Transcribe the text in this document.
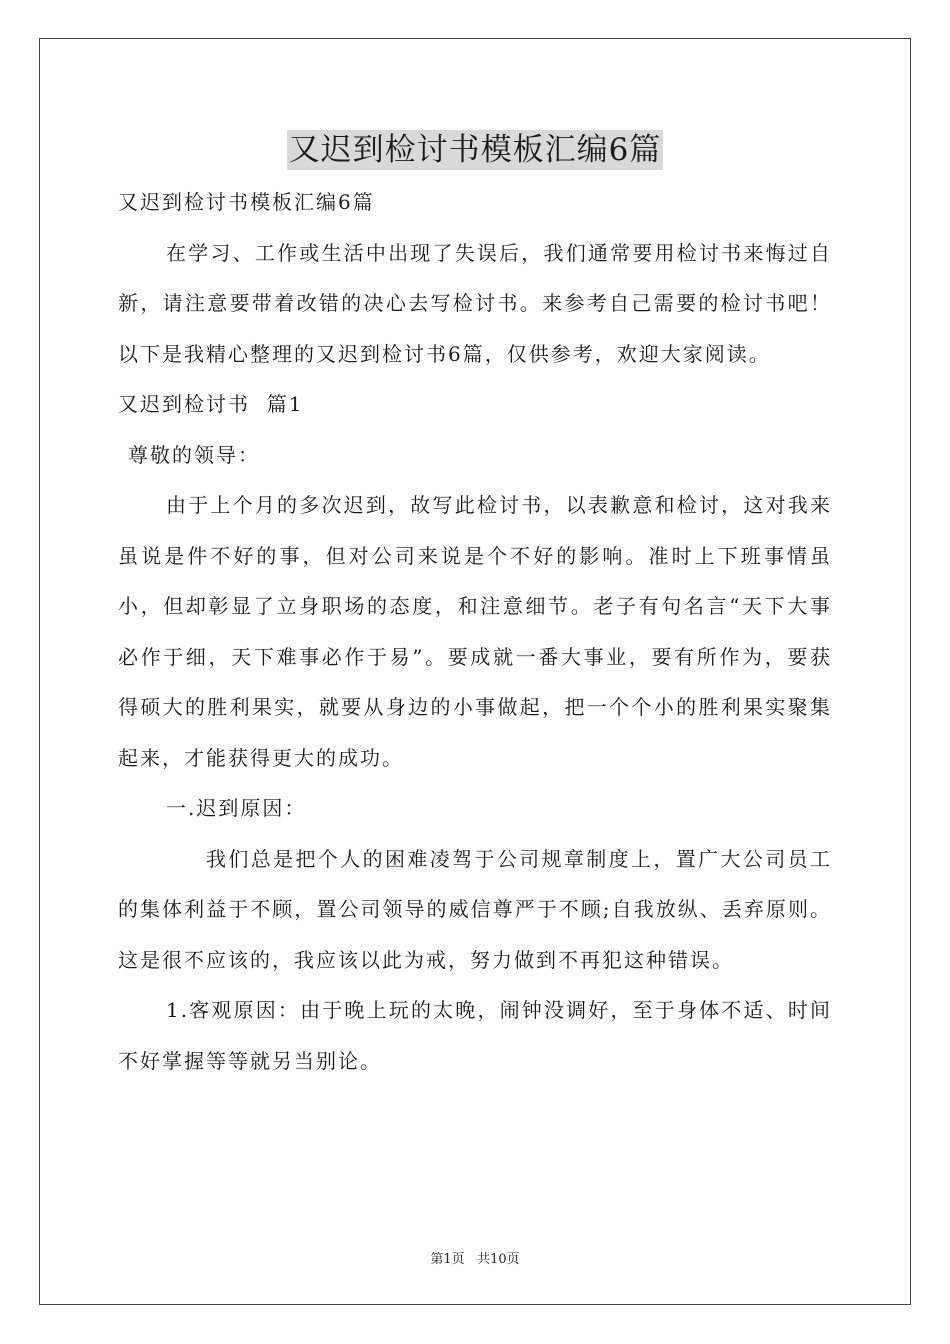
又迟到检讨书模板汇编6篇

又迟到检讨书模板汇编6篇

在学习、工作或生活中出现了失误后，我们通常要用检讨书来悔过自新，请注意要带着改错的决心去写检讨书。来参考自己需要的检讨书吧！以下是我精心整理的又迟到检讨书6篇，仅供参考，欢迎大家阅读。

又迟到检讨书  篇1

尊敬的领导：

由于上个月的多次迟到，故写此检讨书，以表歉意和检讨，这对我来虽说是件不好的事，但对公司来说是个不好的影响。准时上下班事情虽小，但却彰显了立身职场的态度，和注意细节。老子有句名言“天下大事必作于细，天下难事必作于易”。要成就一番大事业，要有所作为，要获得硕大的胜利果实，就要从身边的小事做起，把一个个小的胜利果实聚集起来，才能获得更大的成功。

一.迟到原因：

我们总是把个人的困难凌驾于公司规章制度上，置广大公司员工的集体利益于不顾，置公司领导的威信尊严于不顾;自我放纵、丢弃原则。这是很不应该的，我应该以此为戒，努力做到不再犯这种错误。

1.客观原因：由于晚上玩的太晚，闹钟没调好，至于身体不适、时间不好掌握等等就另当别论。

第1页 共10页
